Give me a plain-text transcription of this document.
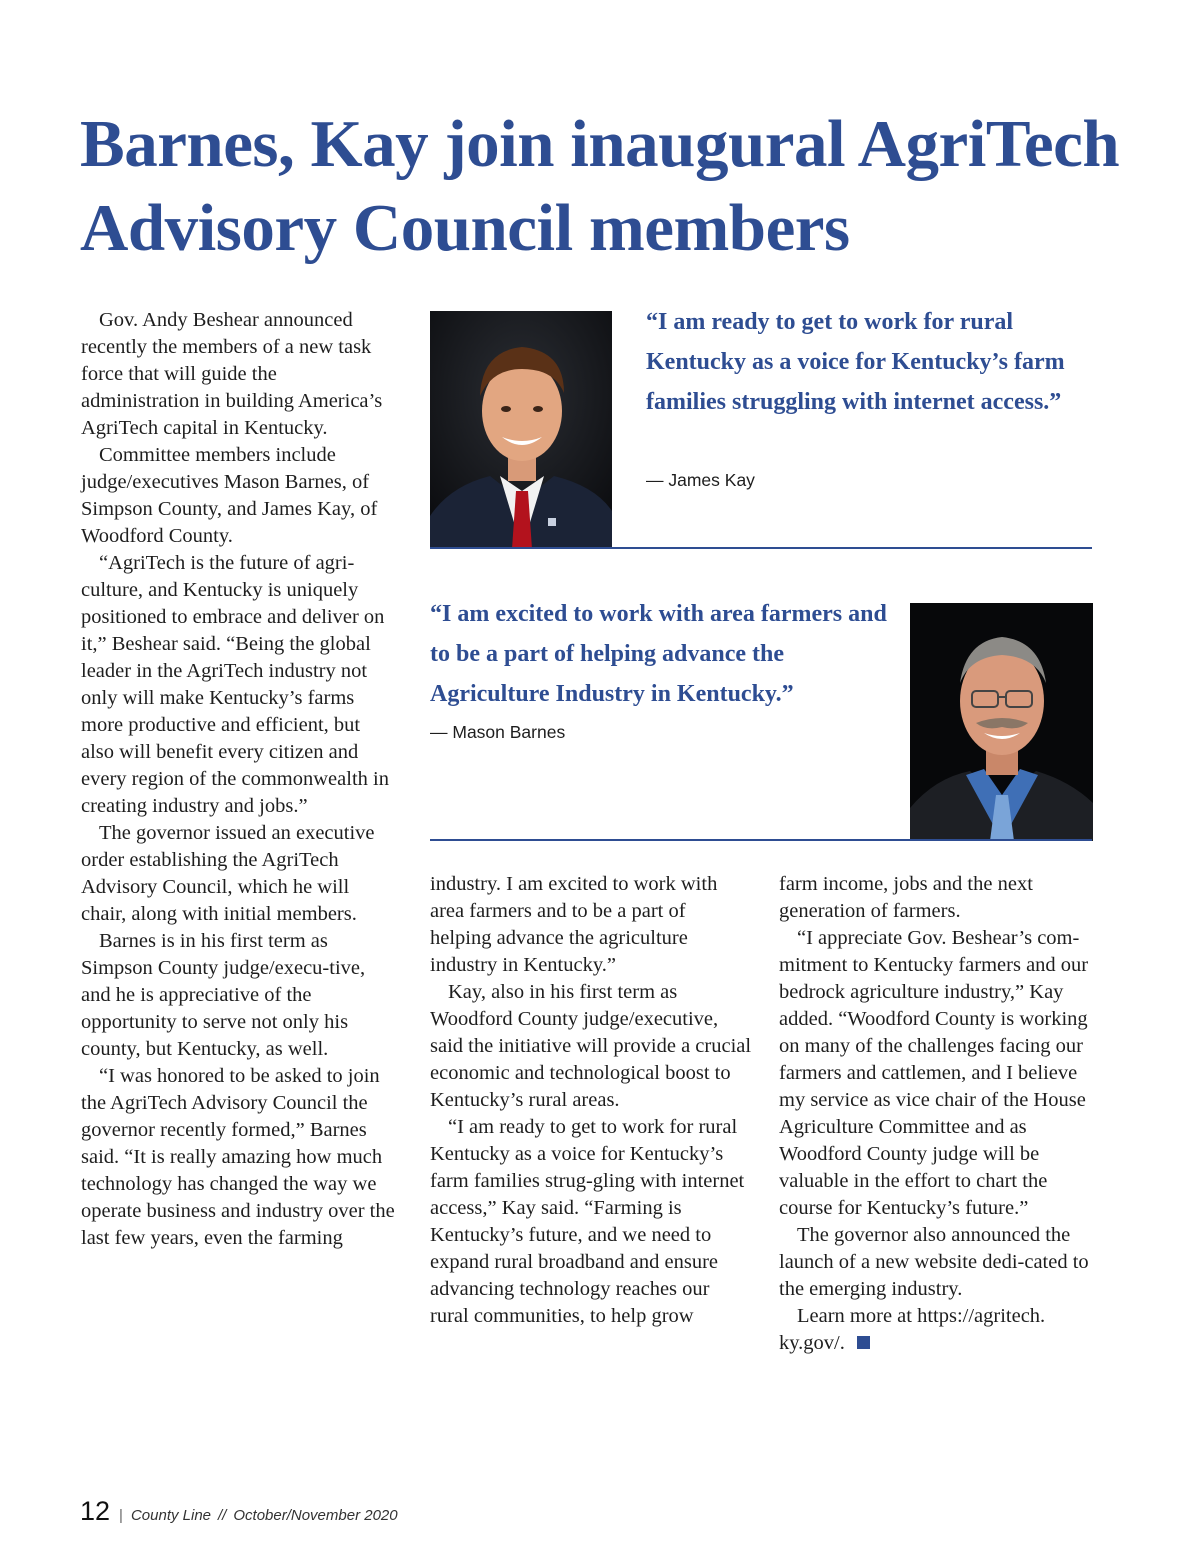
Barnes, Kay join inaugural AgriTech
Advisory Council members

Gov. Andy Beshear announced recently the members of a new task force that will guide the administration in building America’s AgriTech capital in Kentucky.

Committee members include judge/executives Mason Barnes, of Simpson County, and James Kay, of Woodford County.

“AgriTech is the future of agri-culture, and Kentucky is uniquely positioned to embrace and deliver on it,” Beshear said. “Being the global leader in the AgriTech industry not only will make Kentucky’s farms more productive and efficient, but also will benefit every citizen and every region of the commonwealth in creating industry and jobs.”

The governor issued an executive order establishing the AgriTech Advisory Council, which he will chair, along with initial members.

Barnes is in his first term as Simpson County judge/execu-tive, and he is appreciative of the opportunity to serve not only his county, but Kentucky, as well.

“I was honored to be asked to join the AgriTech Advisory Council the governor recently formed,” Barnes said. “It is really amazing how much technology has changed the way we operate business and industry over the last few years, even the farming

“I am ready to get to work for rural Kentucky as a voice for Kentucky’s farm families struggling with internet access.”

— James Kay

“I am excited to work with area farmers and to be a part of helping advance the Agriculture Industry in Kentucky.”

— Mason Barnes

industry. I am excited to work with area farmers and to be a part of helping advance the agriculture industry in Kentucky.”

Kay, also in his first term as Woodford County judge/executive, said the initiative will provide a crucial economic and technological boost to Kentucky’s rural areas.

“I am ready to get to work for rural Kentucky as a voice for Kentucky’s farm families strug-gling with internet access,” Kay said. “Farming is Kentucky’s future, and we need to expand rural broadband and ensure advancing technology reaches our rural communities, to help grow

farm income, jobs and the next generation of farmers.

“I appreciate Gov. Beshear’s com-mitment to Kentucky farmers and our bedrock agriculture industry,” Kay added. “Woodford County is working on many of the challenges facing our farmers and cattlemen, and I believe my service as vice chair of the House Agriculture Committee and as Woodford County judge will be valuable in the effort to chart the course for Kentucky’s future.”

The governor also announced the launch of a new website dedi-cated to the emerging industry.

Learn more at https://agritech. ky.gov/.

12 | County Line // October/November 2020
